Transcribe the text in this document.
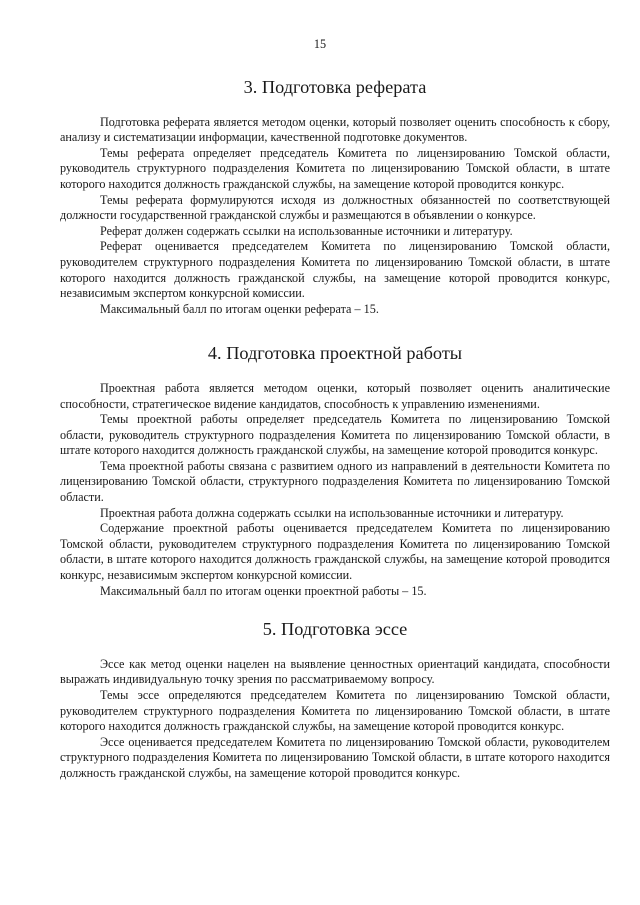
15
3. Подготовка реферата

Подготовка реферата является методом оценки, который позволяет оценить способность к сбору, анализу и систематизации информации, качественной подготовке документов.

Темы реферата определяет председатель Комитета по лицензированию Томской области, руководитель структурного подразделения Комитета по лицензированию Томской области, в штате которого находится должность гражданской службы, на замещение которой проводится конкурс.

Темы реферата формулируются исходя из должностных обязанностей по соответствующей должности государственной гражданской службы и размещаются в объявлении о конкурсе.

Реферат должен содержать ссылки на использованные источники и литературу.

Реферат оценивается председателем Комитета по лицензированию Томской области, руководителем структурного подразделения Комитета по лицензированию Томской области, в штате которого находится должность гражданской службы, на замещение которой проводится конкурс, независимым экспертом конкурсной комиссии.

Максимальный балл по итогам оценки реферата – 15.

4. Подготовка проектной работы

Проектная работа является методом оценки, который позволяет оценить аналитические способности, стратегическое видение кандидатов, способность к управлению изменениями.

Темы проектной работы определяет председатель Комитета по лицензированию Томской области, руководитель структурного подразделения Комитета по лицензированию Томской области, в штате которого находится должность гражданской службы, на замещение которой проводится конкурс.

Тема проектной работы связана с развитием одного из направлений в деятельности Комитета по лицензированию Томской области, структурного подразделения Комитета по лицензированию Томской области.

Проектная работа должна содержать ссылки на использованные источники и литературу.

Содержание проектной работы оценивается председателем Комитета по лицензированию Томской области, руководителем структурного подразделения Комитета по лицензированию Томской области, в штате которого находится должность гражданской службы, на замещение которой проводится конкурс, независимым экспертом конкурсной комиссии.

Максимальный балл по итогам оценки проектной работы – 15.

5. Подготовка эссе

Эссе как метод оценки нацелен на выявление ценностных ориентаций кандидата, способности выражать индивидуальную точку зрения по рассматриваемому вопросу.

Темы эссе определяются председателем Комитета по лицензированию Томской области, руководителем структурного подразделения Комитета по лицензированию Томской области, в штате которого находится должность гражданской службы, на замещение которой проводится конкурс.

Эссе оценивается председателем Комитета по лицензированию Томской области, руководителем структурного подразделения Комитета по лицензированию Томской области, в штате которого находится должность гражданской службы, на замещение которой проводится конкурс.
